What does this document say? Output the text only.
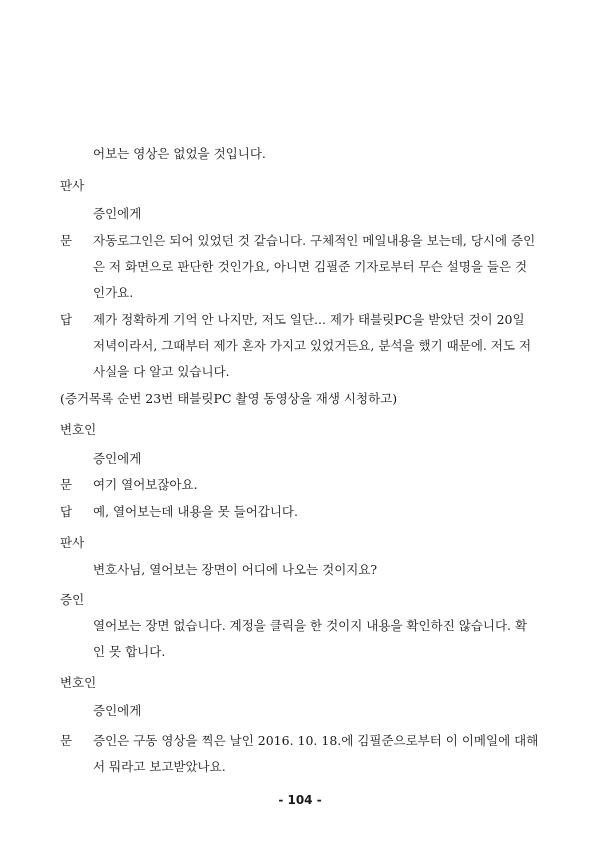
어보는 영상은 없었을 것입니다.
판사
증인에게
문 자동로그인은 되어 있었던 것 같습니다. 구체적인 메일내용을 보는데, 당시에 증인
은 저 화면으로 판단한 것인가요, 아니면 김필준 기자로부터 무슨 설명을 들은 것
인가요.
답 제가 정확하게 기억 안 나지만, 저도 일단... 제가 태블릿PC을 받았던 것이 20일
저녁이라서, 그때부터 제가 혼자 가지고 있었거든요, 분석을 했기 때문에. 저도 저
사실을 다 알고 있습니다.
(증거목록 순번 23번 태블릿PC 촬영 동영상을 재생 시청하고)
변호인
증인에게
문 여기 열어보잖아요.
답 예, 열어보는데 내용을 못 들어갑니다.
판사
변호사님, 열어보는 장면이 어디에 나오는 것이지요?
증인
열어보는 장면 없습니다. 계정을 클릭을 한 것이지 내용을 확인하진 않습니다. 확
인 못 합니다.
변호인
증인에게
문 증인은 구동 영상을 찍은 날인 2016. 10. 18.에 김필준으로부터 이 이메일에 대해
서 뭐라고 보고받았나요.
- 104 -
